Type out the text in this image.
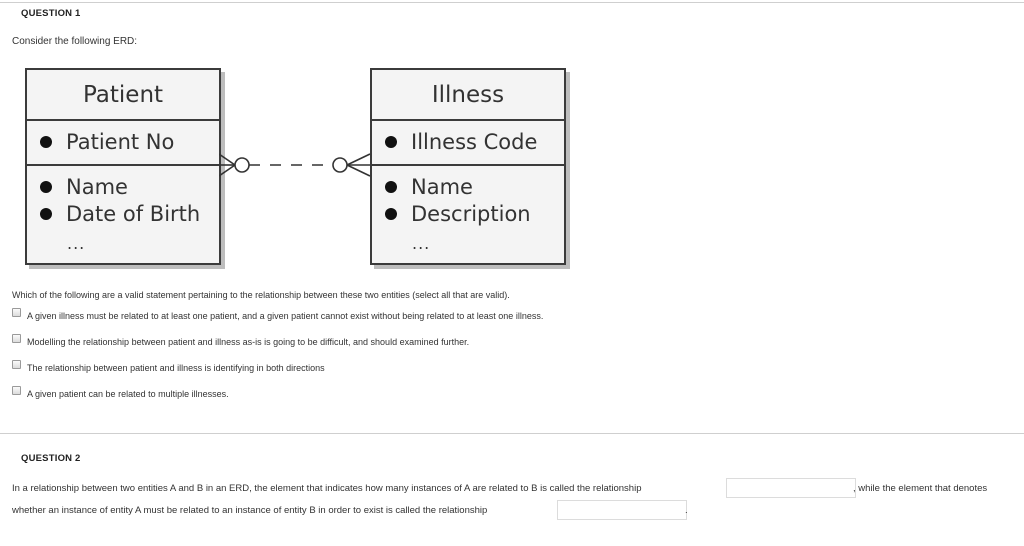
QUESTION 1
Consider the following ERD:
Patient
Patient No
Name
Date of Birth
...
Illness
Illness Code
Name
Description
...
Which of the following are a valid statement pertaining to the relationship between these two entities (select all that are valid).
A given illness must be related to at least one patient, and a given patient cannot exist without being related to at least one illness.
Modelling the relationship between patient and illness as-is is going to be difficult, and should examined further.
The relationship between patient and illness is identifying in both directions
A given patient can be related to multiple illnesses.
QUESTION 2
In a relationship between two entities A and B in an ERD, the element that indicates how many instances of A are related to B is called the relationship	, while the element that denotes
whether an instance of entity A must be related to an instance of entity B in order to exist is called the relationship	.
